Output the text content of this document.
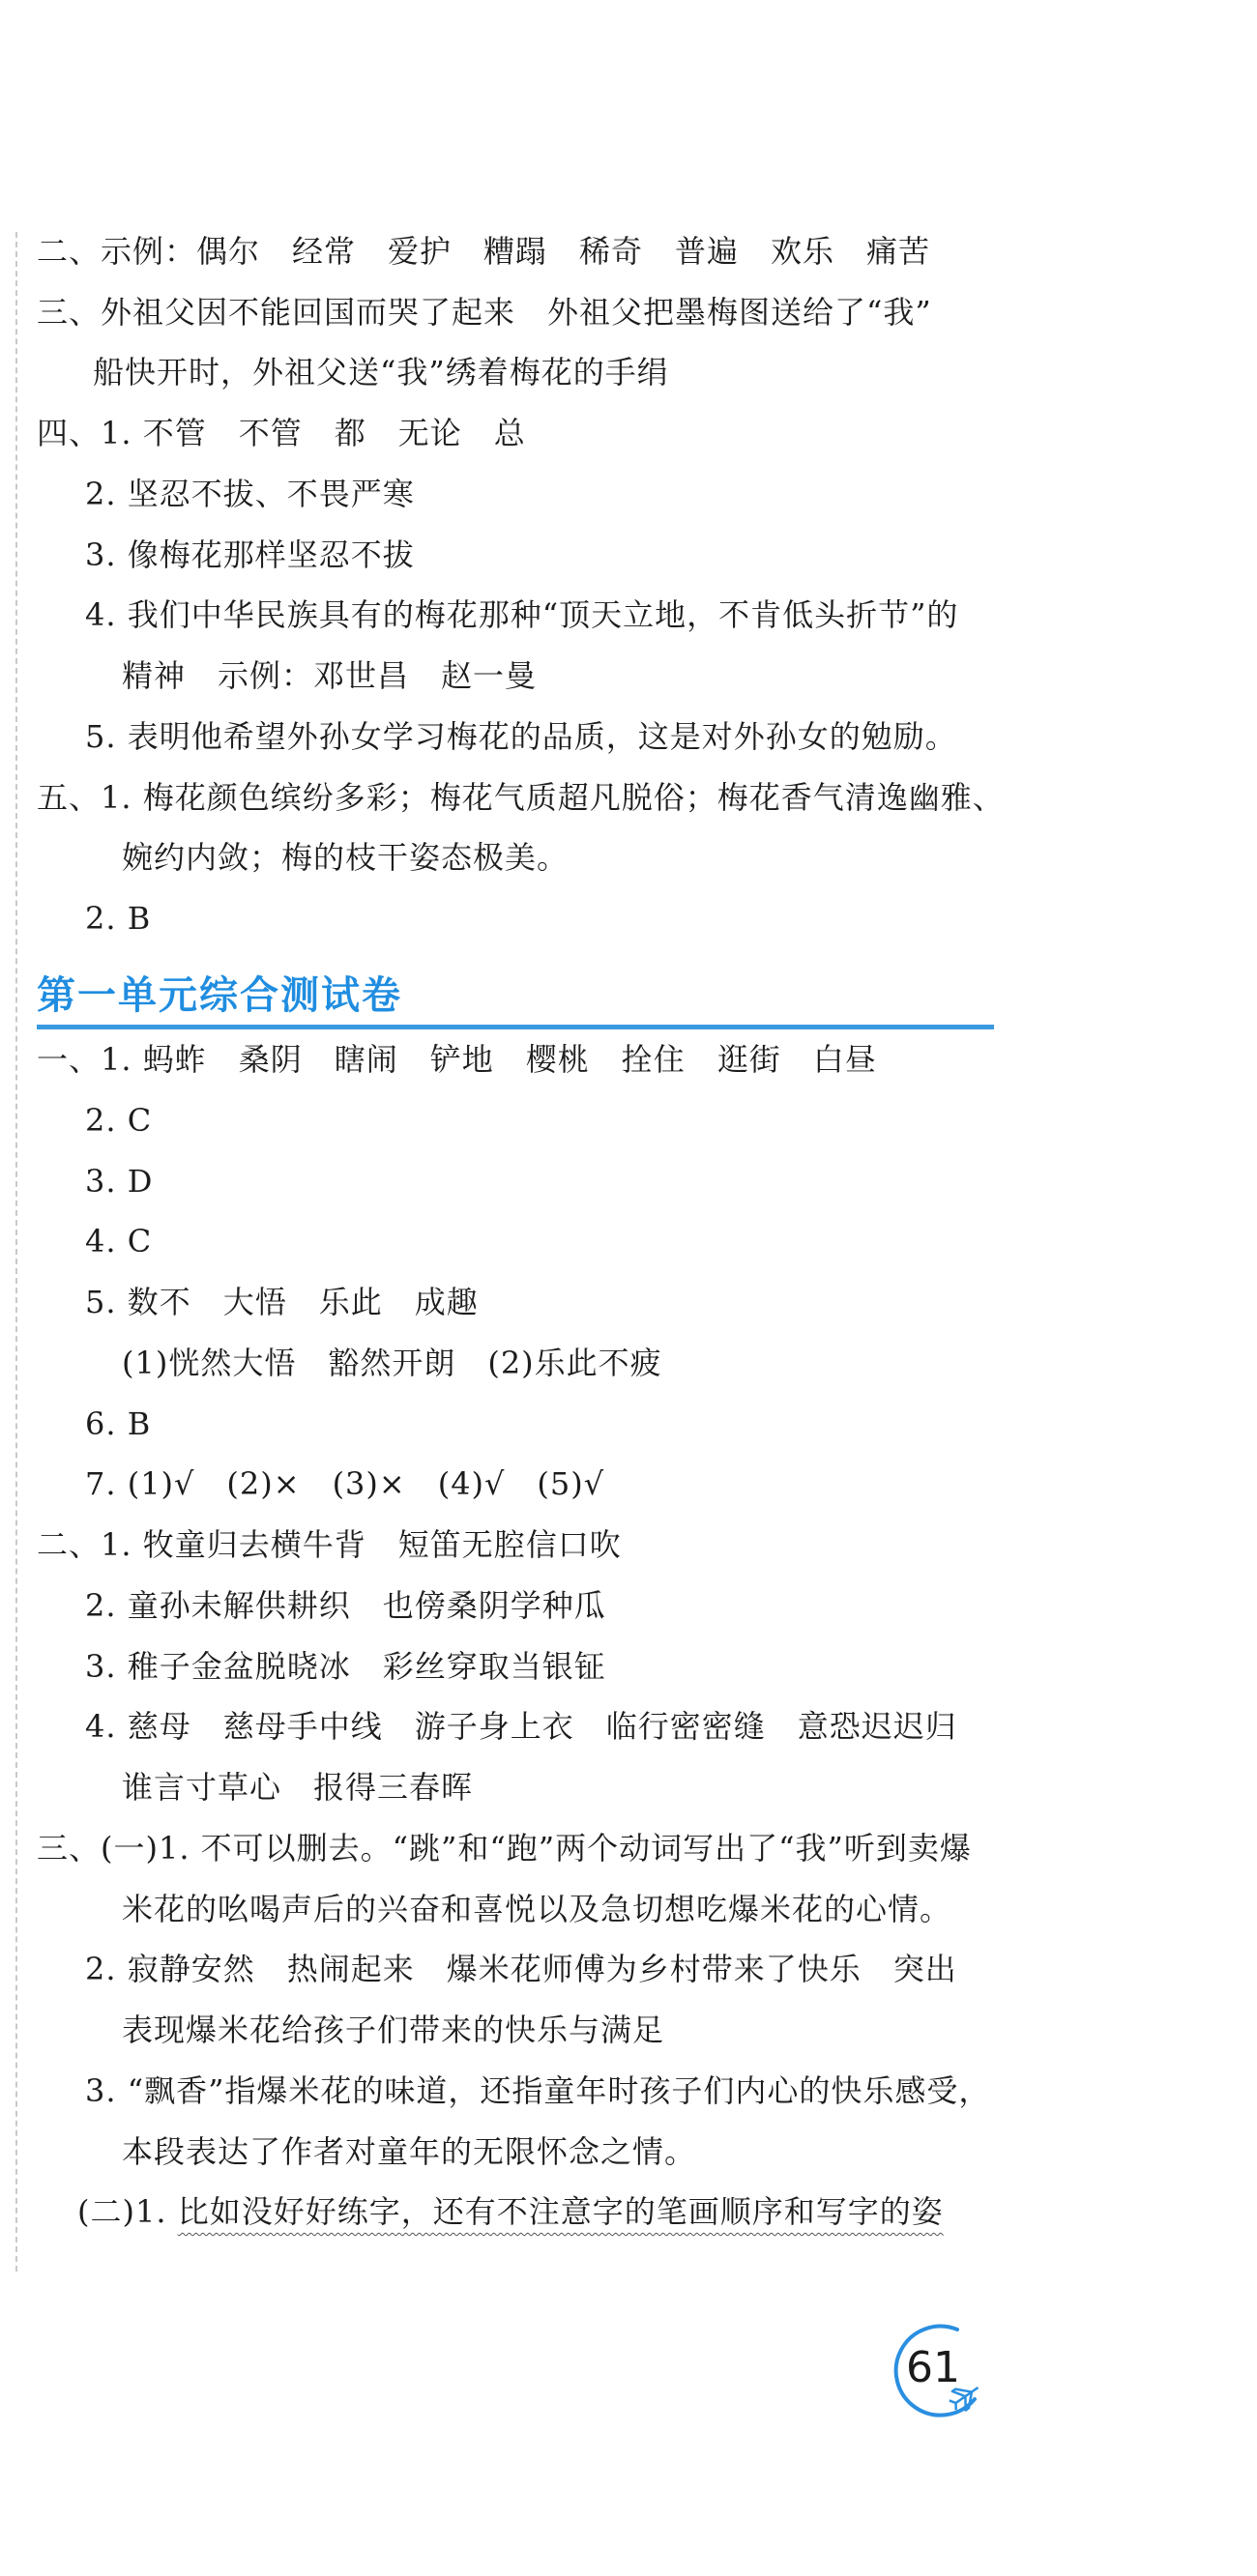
二、示例：偶尔　经常　爱护　糟蹋　稀奇　普遍　欢乐　痛苦
三、外祖父因不能回国而哭了起来　外祖父把墨梅图送给了“我”
船快开时，外祖父送“我”绣着梅花的手绢
四、1. 不管　不管　都　无论　总
2. 坚忍不拔、不畏严寒
3. 像梅花那样坚忍不拔
4. 我们中华民族具有的梅花那种“顶天立地，不肯低头折节”的
精神　示例：邓世昌　赵一曼
5. 表明他希望外孙女学习梅花的品质，这是对外孙女的勉励。
五、1. 梅花颜色缤纷多彩；梅花气质超凡脱俗；梅花香气清逸幽雅、
婉约内敛；梅的枝干姿态极美。
2. B
第一单元综合测试卷
一、1. 蚂蚱　桑阴　瞎闹　铲地　樱桃　拴住　逛街　白昼
2. C
3. D
4. C
5. 数不　大悟　乐此　成趣
(1)恍然大悟　豁然开朗　(2)乐此不疲
6. B
7. (1)√　(2)×　(3)×　(4)√　(5)√
二、1. 牧童归去横牛背　短笛无腔信口吹
2. 童孙未解供耕织　也傍桑阴学种瓜
3. 稚子金盆脱晓冰　彩丝穿取当银钲
4. 慈母　慈母手中线　游子身上衣　临行密密缝　意恐迟迟归
谁言寸草心　报得三春晖
三、(一)1. 不可以删去。“跳”和“跑”两个动词写出了“我”听到卖爆
米花的吆喝声后的兴奋和喜悦以及急切想吃爆米花的心情。
2. 寂静安然　热闹起来　爆米花师傅为乡村带来了快乐　突出
表现爆米花给孩子们带来的快乐与满足
3. “飘香”指爆米花的味道，还指童年时孩子们内心的快乐感受，
本段表达了作者对童年的无限怀念之情。
(二)1. 比如没好好练字，还有不注意字的笔画顺序和写字的姿
61
